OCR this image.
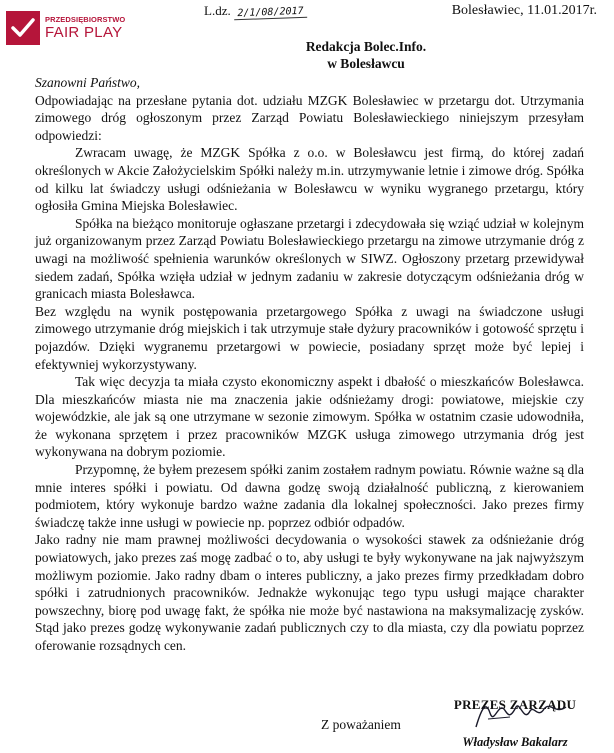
PRZEDSIĘBIORSTWO
FAIR PLAY
L.dz. 2/1/08/2017	Bolesławiec, 11.01.2017r.
Redakcja Bolec.Info.
w Bolesławcu

Szanowni Państwo,

Odpowiadając na przesłane pytania dot. udziału MZGK Bolesławiec w przetargu dot. Utrzymania zimowego dróg ogłoszonym przez Zarząd Powiatu Bolesławieckiego niniejszym przesyłam odpowiedzi:

Zwracam uwagę, że MZGK Spółka z o.o. w Bolesławcu jest firmą, do której zadań określonych w Akcie Założycielskim Spółki należy m.in. utrzymywanie letnie i zimowe dróg. Spółka od kilku lat świadczy usługi odśnieżania w Bolesławcu w wyniku wygranego przetargu, który ogłosiła Gmina Miejska Bolesławiec.

Spółka na bieżąco monitoruje ogłaszane przetargi i zdecydowała się wziąć udział w kolejnym już organizowanym przez Zarząd Powiatu Bolesławieckiego przetargu na zimowe utrzymanie dróg z uwagi na możliwość spełnienia warunków określonych w SIWZ. Ogłoszony przetarg przewidywał siedem zadań, Spółka wzięła udział w jednym zadaniu w zakresie dotyczącym odśnieżania dróg w granicach miasta Bolesławca.

Bez względu na wynik postępowania przetargowego Spółka z uwagi na świadczone usługi zimowego utrzymanie dróg miejskich i tak utrzymuje stałe dyżury pracowników i gotowość sprzętu i pojazdów. Dzięki wygranemu przetargowi w powiecie, posiadany sprzęt może być lepiej i efektywniej wykorzystywany.

Tak więc decyzja ta miała czysto ekonomiczny aspekt i dbałość o mieszkańców Bolesławca. Dla mieszkańców miasta nie ma znaczenia jakie odśnieżamy drogi: powiatowe, miejskie czy wojewódzkie, ale jak są one utrzymane w sezonie zimowym. Spółka w ostatnim czasie udowodniła, że wykonana sprzętem i przez pracowników MZGK usługa zimowego utrzymania dróg jest wykonywana na dobrym poziomie.

Przypomnę, że byłem prezesem spółki zanim zostałem radnym powiatu. Równie ważne są dla mnie interes spółki i powiatu. Od dawna godzę swoją działalność publiczną, z kierowaniem podmiotem, który wykonuje bardzo ważne zadania dla lokalnej społeczności. Jako prezes firmy świadczę także inne usługi w powiecie np. poprzez odbiór odpadów.

Jako radny nie mam prawnej możliwości decydowania o wysokości stawek za odśnieżanie dróg powiatowych, jako prezes zaś mogę zadbać o to, aby usługi te były wykonywane na jak najwyższym możliwym poziomie. Jako radny dbam o interes publiczny, a jako prezes firmy przedkładam dobro spółki i zatrudnionych pracowników. Jednakże wykonując tego typu usługi mające charakter powszechny, biorę pod uwagę fakt, że spółka nie może być nastawiona na maksymalizację zysków. Stąd jako prezes godzę wykonywanie zadań publicznych czy to dla miasta, czy dla powiatu poprzez oferowanie rozsądnych cen.

Z poważaniem
PREZES ZARZĄDU
Władysław Bakalarz
